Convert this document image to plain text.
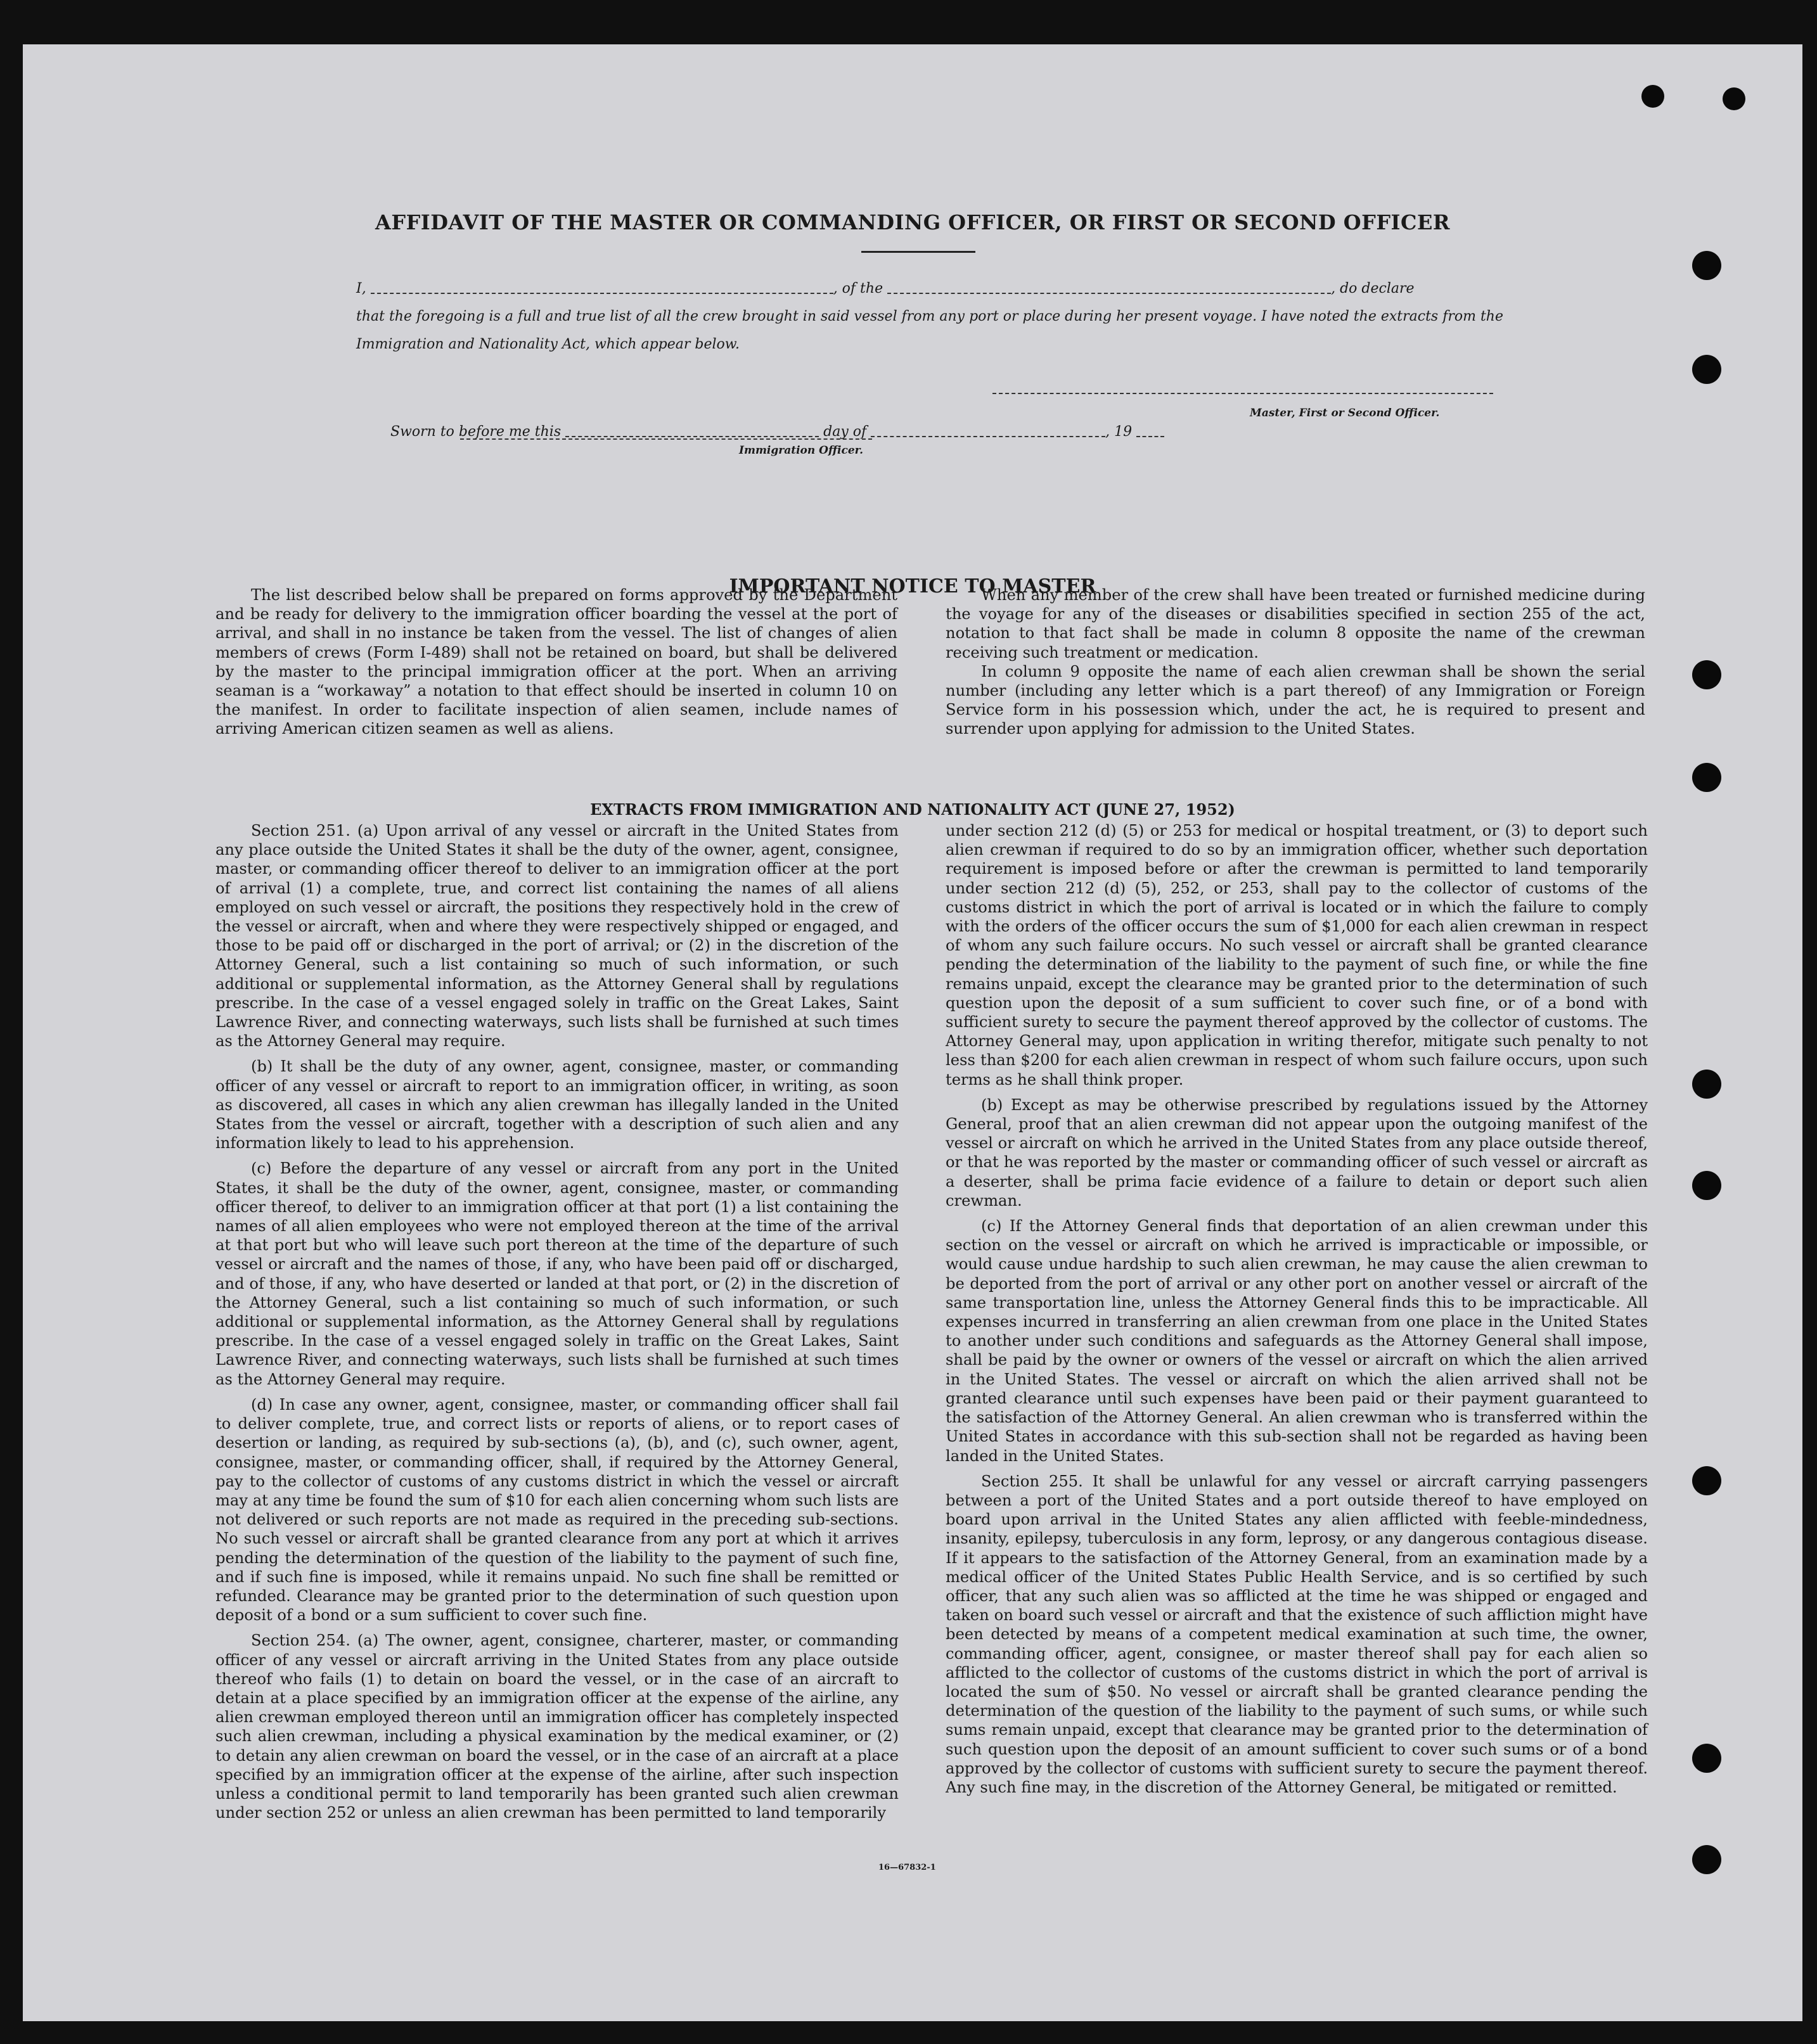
AFFIDAVIT OF THE MASTER OR COMMANDING OFFICER, OR FIRST OR SECOND OFFICER
I,	, of the	, do declare
that the foregoing is a full and true list of all the crew brought in said vessel from any port or place during her present voyage. I have noted the extracts from the Immigration and Nationality Act, which appear below.
Master, First or Second Officer.
Sworn to before me this	day of	, 19
Immigration Officer.
IMPORTANT NOTICE TO MASTER

The list described below shall be prepared on forms approved by the Department and be ready for delivery to the immigration officer boarding the vessel at the port of arrival, and shall in no instance be taken from the vessel. The list of changes of alien members of crews (Form I-489) shall not be retained on board, but shall be delivered by the master to the principal immigration officer at the port. When an arriving seaman is a “workaway” a notation to that effect should be inserted in column 10 on the manifest. In order to facilitate inspection of alien seamen, include names of arriving American citizen seamen as well as aliens.

When any member of the crew shall have been treated or furnished medicine during the voyage for any of the diseases or disabilities specified in section 255 of the act, notation to that fact shall be made in column 8 opposite the name of the crewman receiving such treatment or medication.

In column 9 opposite the name of each alien crewman shall be shown the serial number (including any letter which is a part thereof) of any Immigration or Foreign Service form in his possession which, under the act, he is required to present and surrender upon applying for admission to the United States.

EXTRACTS FROM IMMIGRATION AND NATIONALITY ACT (JUNE 27, 1952)

Section 251. (a) Upon arrival of any vessel or aircraft in the United States from any place outside the United States it shall be the duty of the owner, agent, consignee, master, or commanding officer thereof to deliver to an immigration officer at the port of arrival (1) a complete, true, and correct list containing the names of all aliens employed on such vessel or aircraft, the positions they respectively hold in the crew of the vessel or aircraft, when and where they were respectively shipped or engaged, and those to be paid off or discharged in the port of arrival; or (2) in the discretion of the Attorney General, such a list containing so much of such information, or such additional or supplemental information, as the Attorney General shall by regulations prescribe. In the case of a vessel engaged solely in traffic on the Great Lakes, Saint Lawrence River, and connecting waterways, such lists shall be furnished at such times as the Attorney General may require.

(b) It shall be the duty of any owner, agent, consignee, master, or commanding officer of any vessel or aircraft to report to an immigration officer, in writing, as soon as discovered, all cases in which any alien crewman has illegally landed in the United States from the vessel or aircraft, together with a description of such alien and any information likely to lead to his apprehension.

(c) Before the departure of any vessel or aircraft from any port in the United States, it shall be the duty of the owner, agent, consignee, master, or commanding officer thereof, to deliver to an immigration officer at that port (1) a list containing the names of all alien employees who were not employed thereon at the time of the arrival at that port but who will leave such port thereon at the time of the departure of such vessel or aircraft and the names of those, if any, who have been paid off or discharged, and of those, if any, who have deserted or landed at that port, or (2) in the discretion of the Attorney General, such a list containing so much of such information, or such additional or supplemental information, as the Attorney General shall by regulations prescribe. In the case of a vessel engaged solely in traffic on the Great Lakes, Saint Lawrence River, and connecting waterways, such lists shall be furnished at such times as the Attorney General may require.

(d) In case any owner, agent, consignee, master, or commanding officer shall fail to deliver complete, true, and correct lists or reports of aliens, or to report cases of desertion or landing, as required by sub-sections (a), (b), and (c), such owner, agent, consignee, master, or commanding officer, shall, if required by the Attorney General, pay to the collector of customs of any customs district in which the vessel or aircraft may at any time be found the sum of $10 for each alien concerning whom such lists are not delivered or such reports are not made as required in the preceding sub-sections. No such vessel or aircraft shall be granted clearance from any port at which it arrives pending the determination of the question of the liability to the payment of such fine, and if such fine is imposed, while it remains unpaid. No such fine shall be remitted or refunded. Clearance may be granted prior to the determination of such question upon deposit of a bond or a sum sufficient to cover such fine.

Section 254. (a) The owner, agent, consignee, charterer, master, or commanding officer of any vessel or aircraft arriving in the United States from any place outside thereof who fails (1) to detain on board the vessel, or in the case of an aircraft to detain at a place specified by an immigration officer at the expense of the airline, any alien crewman employed thereon until an immigration officer has completely inspected such alien crewman, including a physical examination by the medical examiner, or (2) to detain any alien crewman on board the vessel, or in the case of an aircraft at a place specified by an immigration officer at the expense of the airline, after such inspection unless a conditional permit to land temporarily has been granted such alien crewman under section 252 or unless an alien crewman has been permitted to land temporarily

under section 212 (d) (5) or 253 for medical or hospital treatment, or (3) to deport such alien crewman if required to do so by an immigration officer, whether such deportation requirement is imposed before or after the crewman is permitted to land temporarily under section 212 (d) (5), 252, or 253, shall pay to the collector of customs of the customs district in which the port of arrival is located or in which the failure to comply with the orders of the officer occurs the sum of $1,000 for each alien crewman in respect of whom any such failure occurs. No such vessel or aircraft shall be granted clearance pending the determination of the liability to the payment of such fine, or while the fine remains unpaid, except the clearance may be granted prior to the determination of such question upon the deposit of a sum sufficient to cover such fine, or of a bond with sufficient surety to secure the payment thereof approved by the collector of customs. The Attorney General may, upon application in writing therefor, mitigate such penalty to not less than $200 for each alien crewman in respect of whom such failure occurs, upon such terms as he shall think proper.

(b) Except as may be otherwise prescribed by regulations issued by the Attorney General, proof that an alien crewman did not appear upon the outgoing manifest of the vessel or aircraft on which he arrived in the United States from any place outside thereof, or that he was reported by the master or commanding officer of such vessel or aircraft as a deserter, shall be prima facie evidence of a failure to detain or deport such alien crewman.

(c) If the Attorney General finds that deportation of an alien crewman under this section on the vessel or aircraft on which he arrived is impracticable or impossible, or would cause undue hardship to such alien crewman, he may cause the alien crewman to be deported from the port of arrival or any other port on another vessel or aircraft of the same transportation line, unless the Attorney General finds this to be impracticable. All expenses incurred in transferring an alien crewman from one place in the United States to another under such conditions and safeguards as the Attorney General shall impose, shall be paid by the owner or owners of the vessel or aircraft on which the alien arrived in the United States. The vessel or aircraft on which the alien arrived shall not be granted clearance until such expenses have been paid or their payment guaranteed to the satisfaction of the Attorney General. An alien crewman who is transferred within the United States in accordance with this sub-section shall not be regarded as having been landed in the United States.

Section 255. It shall be unlawful for any vessel or aircraft carrying passengers between a port of the United States and a port outside thereof to have employed on board upon arrival in the United States any alien afflicted with feeble-mindedness, insanity, epilepsy, tuberculosis in any form, leprosy, or any dangerous contagious disease. If it appears to the satisfaction of the Attorney General, from an examination made by a medical officer of the United States Public Health Service, and is so certified by such officer, that any such alien was so afflicted at the time he was shipped or engaged and taken on board such vessel or aircraft and that the existence of such affliction might have been detected by means of a competent medical examination at such time, the owner, commanding officer, agent, consignee, or master thereof shall pay for each alien so afflicted to the collector of customs of the customs district in which the port of arrival is located the sum of $50. No vessel or aircraft shall be granted clearance pending the determination of the question of the liability to the payment of such sums, or while such sums remain unpaid, except that clearance may be granted prior to the determination of such question upon the deposit of an amount sufficient to cover such sums or of a bond approved by the collector of customs with sufficient surety to secure the payment thereof. Any such fine may, in the discretion of the Attorney General, be mitigated or remitted.

16—67832-1
